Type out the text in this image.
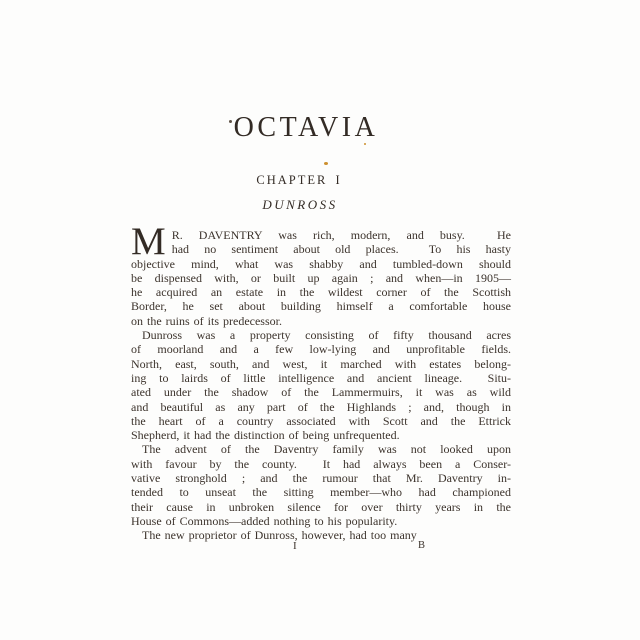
OCTAVIA
CHAPTER I
DUNROSS
M R. DAVENTRY was rich, modern, and busy.  He
had no sentiment about old places.  To his hasty
objective mind, what was shabby and tumbled-down should
be dispensed with, or built up again ; and when—in 1905—
he acquired an estate in the wildest corner of the Scottish
Border, he set about building himself a comfortable house
on the ruins of its predecessor.
Dunross was a property consisting of fifty thousand acres
of moorland and a few low-lying and unprofitable fields.
North, east, south, and west, it marched with estates belong-
ing to lairds of little intelligence and ancient lineage.  Situ-
ated under the shadow of the Lammermuirs, it was as wild
and beautiful as any part of the Highlands ; and, though in
the heart of a country associated with Scott and the Ettrick
Shepherd, it had the distinction of being unfrequented.
The advent of the Daventry family was not looked upon
with favour by the county.  It had always been a Conser-
vative stronghold ; and the rumour that Mr. Daventry in-
tended to unseat the sitting member—who had championed
their cause in unbroken silence for over thirty years in the
House of Commons—added nothing to his popularity.
The new proprietor of Dunross, however, had too many
I	B
